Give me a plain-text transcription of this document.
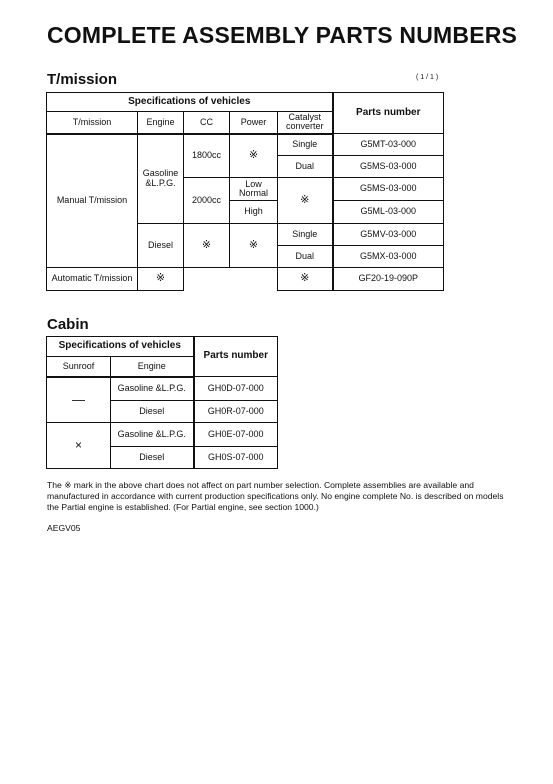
COMPLETE ASSEMBLY PARTS NUMBERS
T/mission	( 1 / 1 )
Specifications of vehicles					Parts number
T/mission	Engine	CC	Power	Catalyst converter	
Manual T/mission	Gasoline &L.P.G.	1800cc	※	Single	G5MT-03-000
				Dual	G5MS-03-000
		2000cc	Low Normal	※	G5MS-03-000
			High		G5ML-03-000
	Diesel	※	※	Single	G5MV-03-000
				Dual	G5MX-03-000
Automatic T/mission	※			※	GF20-19-090P
Cabin
Specifications of vehicles		Parts number
Sunroof	Engine	
—	Gasoline &L.P.G.	GH0D-07-000
	Diesel	GH0R-07-000
×	Gasoline &L.P.G.	GH0E-07-000
	Diesel	GH0S-07-000

The ※ mark in the above chart does not affect on part number selection. Complete assemblies are available and manufactured in accordance with current production specifications only. No engine complete No. is described on models the Partial engine is established. (For Partial engine, see section 1000.)

AEGV05
